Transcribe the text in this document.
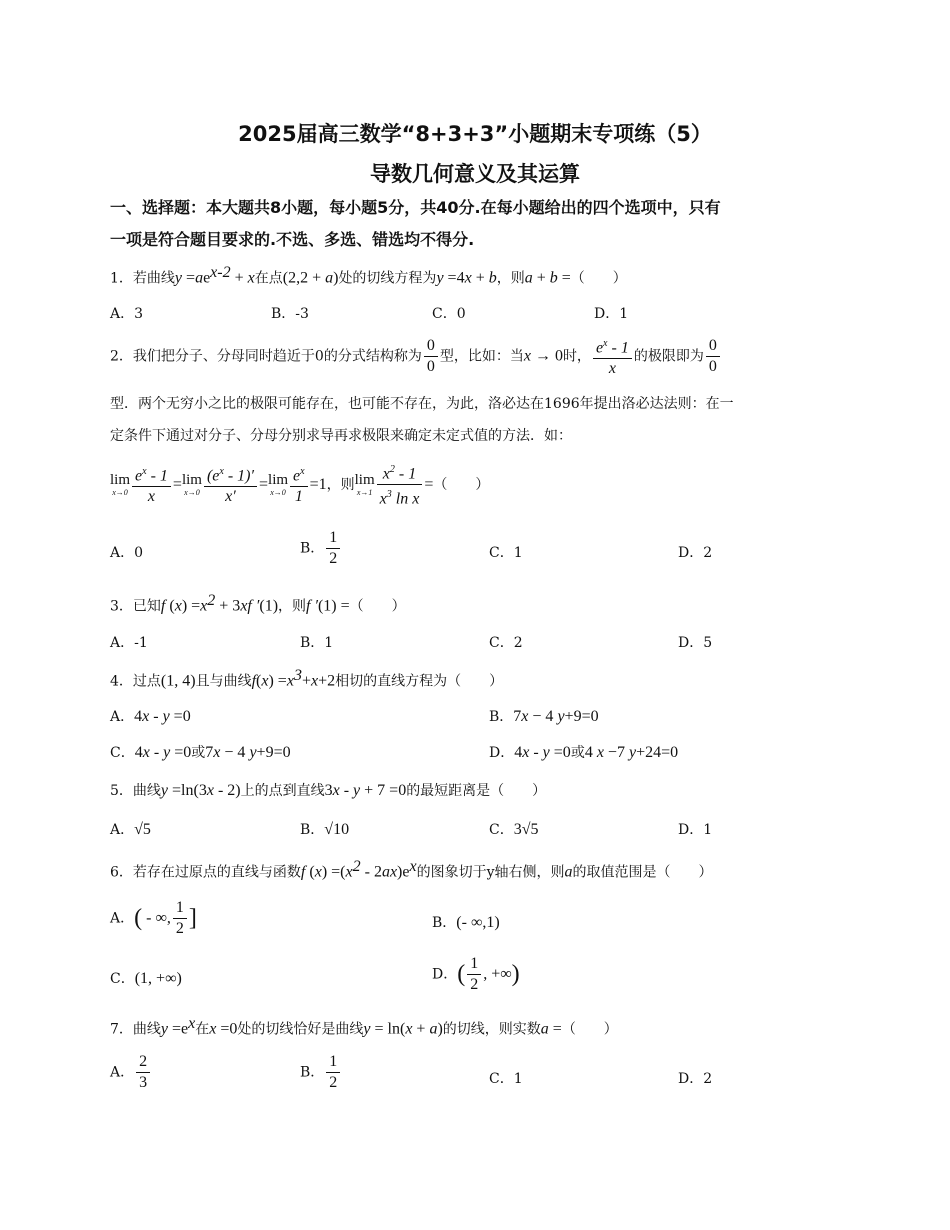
2025届高三数学“8+3+3”小题期末专项练（5）
导数几何意义及其运算
一、选择题：本大题共8小题，每小题5分，共40分.在每小题给出的四个选项中，只有
一项是符合题目要求的.不选、多选、错选均不得分.
1．若曲线$y =ae^{x-2} + x$在点(2,2 + a)处的切线方程为y =4x + b，则a + b =（　　）
A．3	B．-3	C．0	D．1
2．我们把分子、分母同时趋近于0的分式结构称为 $\frac{0}{0}$ 型，比如：当x → 0时， $\frac{e^x - 1}{x}$ 的极限即为 $\frac{0}{0}$
型．两个无穷小之比的极限可能存在，也可能不存在，为此，洛必达在1696年提出洛必达法则：在一
定条件下通过对分子、分母分别求导再求极限来确定未定式值的方法．如：
lim
$x\to 0 \frac{e^x - 1}{x} = \lim$
$x\to 0 \frac{(e^x - 1)'}{x'} = \lim$
$x\to 0 \frac{e^x}{1} =1$，则 lim
$x\to 1 \frac{x^2 - 1}{x^3 \ln x}$ =（　　）
A．0	B． $\frac{1}{2}$	C．1	D．2
3．已知f $(x) =x^2 + 3xf$ ′(1)，则f ′(1) =（　　）
A．-1	B．1	C．2	D．5
4．过点(1, 4)且与曲线$f(x) =x^3+x+2$相切的直线方程为（　　）
A．4x - y =0	B．7x − 4 y+9=0
C．4x - y =0或7x − 4 y+9=0	D．4x - y =0或4 x −7 y+24=0
5．曲线y =ln(3x - 2)上的点到直线3x - y + 7 =0的最短距离是（　　）
A．√5	B．√10	C．3√5	D．1
6．若存在过原点的直线与函数f $(x) =(x^2 - 2ax)e^x$的图象切于y轴右侧，则a的取值范围是（　　）
A．( - ∞, $\frac{1}{2}$ ]	B．(- ∞,1)
C．(1, +∞)	D．( $\frac{1}{2}$ , +∞)
7．曲线$y =e^x$在x =0处的切线恰好是曲线y = ln(x + a)的切线，则实数a =（　　）
A． $\frac{2}{3}$	B． $\frac{1}{2}$	C．1	D．2
